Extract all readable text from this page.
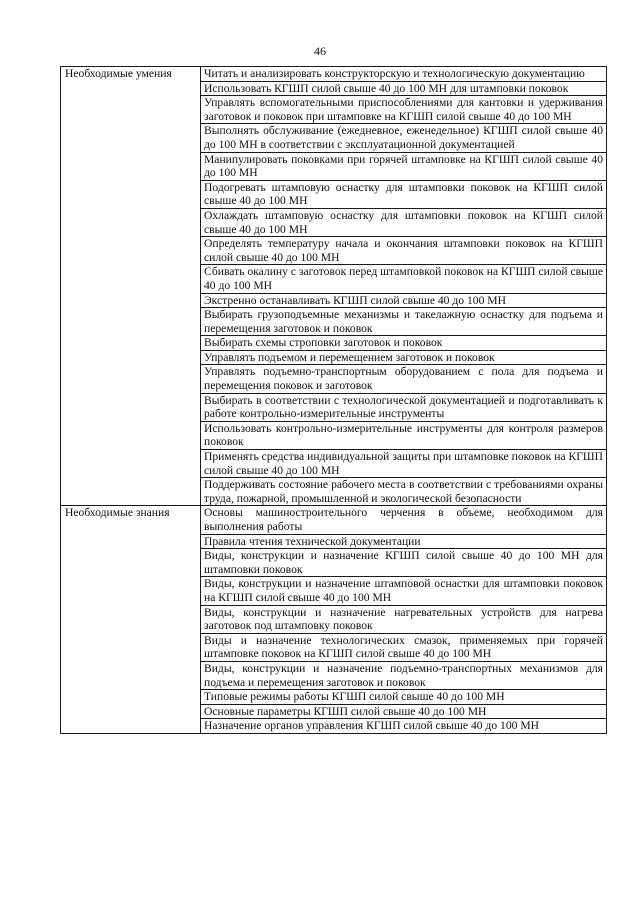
46
Необходимые умения	Читать и анализировать конструкторскую и технологическую документацию
	Использовать КГШП силой свыше 40 до 100 МН для штамповки поковок
	Управлять вспомогательными приспособлениями для кантовки и удерживания заготовок и поковок при штамповке на КГШП силой свыше 40 до 100 МН
	Выполнять обслуживание (ежедневное, еженедельное) КГШП силой свыше 40 до 100 МН в соответствии с эксплуатационной документацией
	Манипулировать поковками при горячей штамповке на КГШП силой свыше 40 до 100 МН
	Подогревать штамповую оснастку для штамповки поковок на КГШП силой свыше 40 до 100 МН
	Охлаждать штамповую оснастку для штамповки поковок на КГШП силой свыше 40 до 100 МН
	Определять температуру начала и окончания штамповки поковок на КГШП силой свыше 40 до 100 МН
	Сбивать окалину с заготовок перед штамповкой поковок на КГШП силой свыше 40 до 100 МН
	Экстренно останавливать КГШП силой свыше 40 до 100 МН
	Выбирать грузоподъемные механизмы и такелажную оснастку для подъема и перемещения заготовок и поковок
	Выбирать схемы строповки заготовок и поковок
	Управлять подъемом и перемещением заготовок и поковок
	Управлять подъемно-транспортным оборудованием с пола для подъема и перемещения поковок и заготовок
	Выбирать в соответствии с технологической документацией и подготавливать к работе контрольно-измерительные инструменты
	Использовать контрольно-измерительные инструменты для контроля размеров поковок
	Применять средства индивидуальной защиты при штамповке поковок на КГШП силой свыше 40 до 100 МН
	Поддерживать состояние рабочего места в соответствии с требованиями охраны труда, пожарной, промышленной и экологической безопасности
Необходимые знания	Основы машиностроительного черчения в объеме, необходимом для выполнения работы
	Правила чтения технической документации
	Виды, конструкции и назначение КГШП силой свыше 40 до 100 МН для штамповки поковок
	Виды, конструкции и назначение штамповой оснастки для штамповки поковок на КГШП силой свыше 40 до 100 МН
	Виды, конструкции и назначение нагревательных устройств для нагрева заготовок под штамповку поковок
	Виды и назначение технологических смазок, применяемых при горячей штамповке поковок на КГШП силой свыше 40 до 100 МН
	Виды, конструкции и назначение подъемно-транспортных механизмов для подъема и перемещения заготовок и поковок
	Типовые режимы работы КГШП силой свыше 40 до 100 МН
	Основные параметры КГШП силой свыше 40 до 100 МН
	Назначение органов управления КГШП силой свыше 40 до 100 МН
